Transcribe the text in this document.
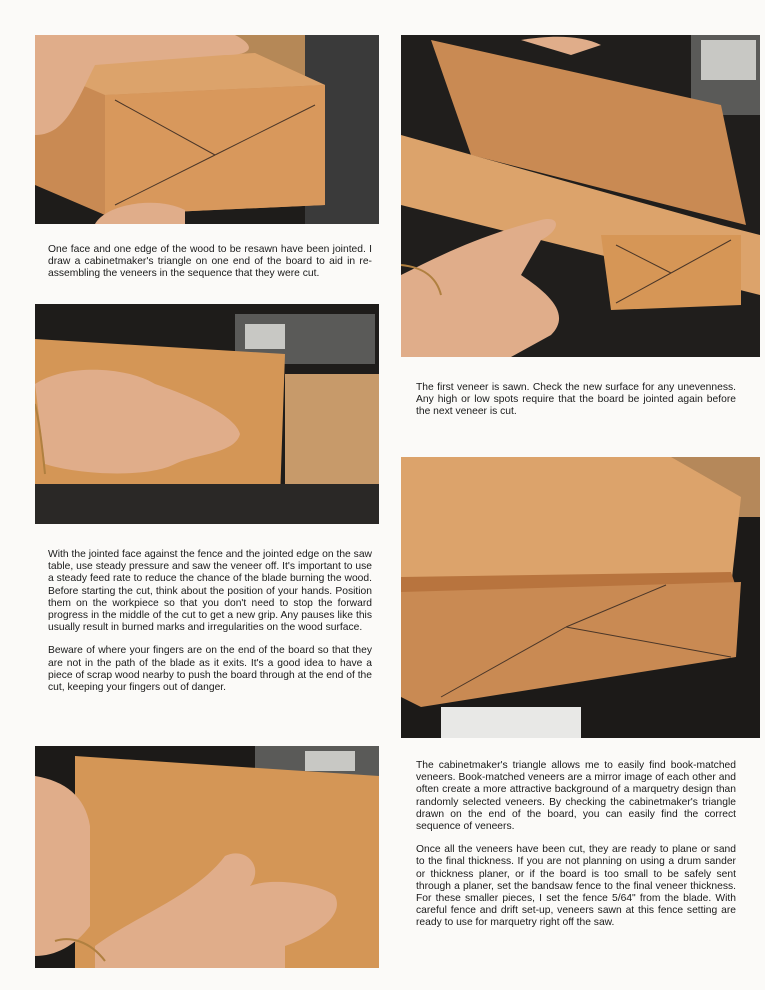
One face and one edge of the wood to be resawn have been jointed. I draw a cabinetmaker's triangle on one end of the board to aid in re-assembling the veneers in the sequence that they were cut.

The first veneer is sawn. Check the new surface for any unevenness. Any high or low spots require that the board be jointed again before the next veneer is cut.

With the jointed face against the fence and the jointed edge on the saw table, use steady pressure and saw the veneer off. It's important to use a steady feed rate to reduce the chance of the blade burning the wood. Before starting the cut, think about the position of your hands. Position them on the workpiece so that you don't need to stop the forward progress in the middle of the cut to get a new grip. Any pauses like this usually result in burned marks and irregularities on the wood surface.

Beware of where your fingers are on the end of the board so that they are not in the path of the blade as it exits. It's a good idea to have a piece of scrap wood nearby to push the board through at the end of the cut, keeping your fingers out of danger.

The cabinetmaker's triangle allows me to easily find book-matched veneers. Book-matched veneers are a mirror image of each other and often create a more attractive background of a marquetry design than randomly selected veneers. By checking the cabinetmaker's triangle drawn on the end of the board, you can easily find the correct sequence of veneers.

Once all the veneers have been cut, they are ready to plane or sand to the final thickness. If you are not planning on using a drum sander or thickness planer, or if the board is too small to be safely sent through a planer, set the bandsaw fence to the final veneer thickness. For these smaller pieces, I set the fence 5/64" from the blade. With careful fence and drift set-up, veneers sawn at this fence setting are ready to use for marquetry right off the saw.
